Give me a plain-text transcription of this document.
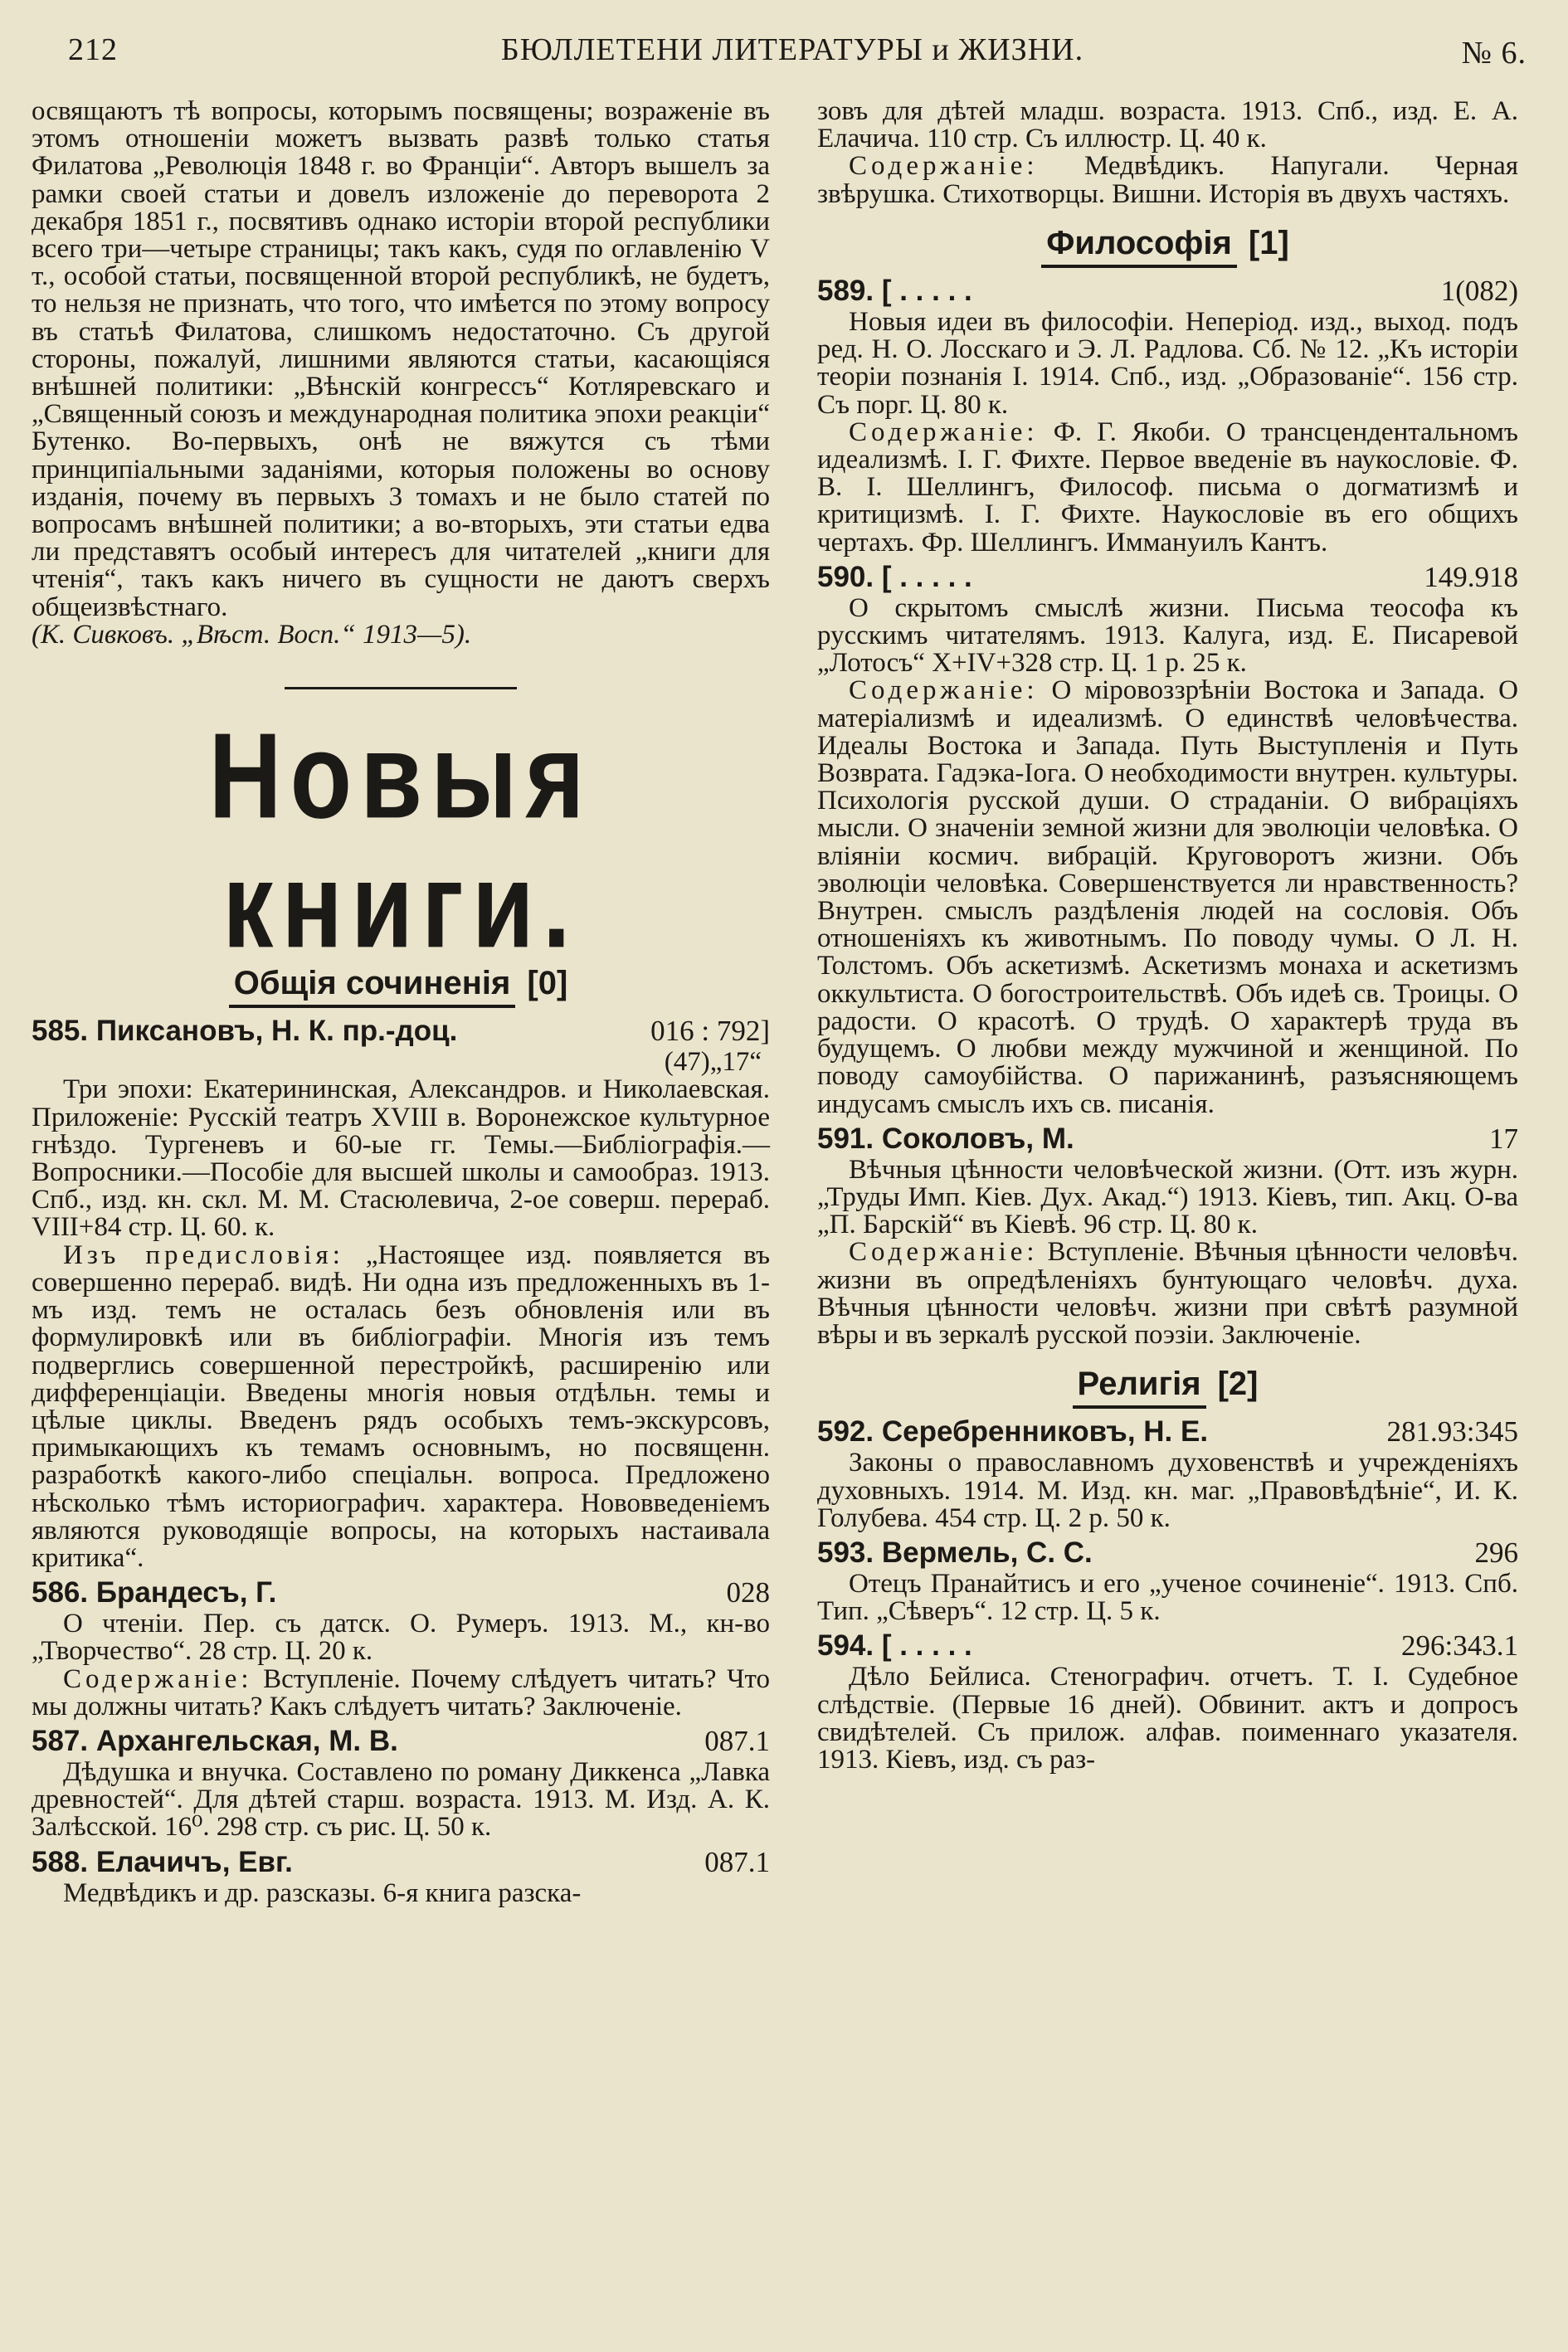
212	БЮЛЛЕТЕНИ ЛИТЕРАТУРЫ и ЖИЗНИ.	№ 6.

освящаютъ тѣ вопросы, которымъ посвящены; возраженіе въ этомъ отношеніи можетъ вызвать развѣ только статья Филатова „Революція 1848 г. во Франціи“. Авторъ вышелъ за рамки своей статьи и довелъ изложеніе до переворота 2 декабря 1851 г., посвятивъ однако исторіи второй республики всего три—четыре страницы; такъ какъ, судя по оглавленію V т., особой статьи, посвященной второй республикѣ, не будетъ, то нельзя не признать, что того, что имѣется по этому вопросу въ статьѣ Филатова, слишкомъ недостаточно. Съ другой стороны, пожалуй, лишними являются статьи, касающіяся внѣшней политики: „Вѣнскій конгрессъ“ Котляревскаго и „Священный союзъ и международная политика эпохи реакціи“ Бутенко. Во-первыхъ, онѣ не вяжутся съ тѣми принципіальными заданіями, которыя положены во основу изданія, почему въ первыхъ 3 томахъ и не было статей по вопросамъ внѣшней политики; а во-вторыхъ, эти статьи едва ли представятъ особый интересъ для читателей „книги для чтенія“, такъ какъ ничего въ сущности не даютъ сверхъ общеизвѣстнаго.

(К. Сивковъ. „Вѣст. Восп.“ 1913—5).

Новыя книги.
Общія сочиненія [0]
585. Пиксановъ, Н. К. пр.-доц.	016 : 792]
(47)„17“

Три эпохи: Екатерининская, Александров. и Николаевская. Приложеніе: Русскій театръ XVIII в. Воронежское культурное гнѣздо. Тургеневъ и 60-ые гг. Темы.—Библіографія.—Вопросники.—Пособіе для высшей школы и самообраз. 1913. Спб., изд. кн. скл. М. М. Стасюлевича, 2-ое соверш. перераб. VIII+84 стр. Ц. 60. к.

Изъ предисловія: „Настоящее изд. появляется въ совершенно перераб. видѣ. Ни одна изъ предложенныхъ въ 1-мъ изд. темъ не осталась безъ обновленія или въ формулировкѣ или въ библіографіи. Многія изъ темъ подверглись совершенной перестройкѣ, расширенію или дифференціаціи. Введены многія новыя отдѣльн. темы и цѣлые циклы. Введенъ рядъ особыхъ темъ-экскурсовъ, примыкающихъ къ темамъ основнымъ, но посвященн. разработкѣ какого-либо спеціальн. вопроса. Предложено нѣсколько тѣмъ историографич. характера. Нововведеніемъ являются руководящіе вопросы, на которыхъ настаивала критика“.

586. Брандесъ, Г.	028

О чтеніи. Пер. съ датск. О. Румеръ. 1913. М., кн-во „Творчество“. 28 стр. Ц. 20 к.

Содержаніе: Вступленіе. Почему слѣдуетъ читать? Что мы должны читать? Какъ слѣдуетъ читать? Заключеніе.

587. Архангельская, М. В.	087.1

Дѣдушка и внучка. Составлено по роману Диккенса „Лавка древностей“. Для дѣтей старш. возраста. 1913. М. Изд. А. К. Залѣсской. 16⁰. 298 стр. съ рис. Ц. 50 к.

588. Елачичъ, Евг.	087.1

Медвѣдикъ и др. разсказы. 6-я книга разска-

зовъ для дѣтей младш. возраста. 1913. Спб., изд. Е. А. Елачича. 110 стр. Съ иллюстр. Ц. 40 к.

Содержаніе: Медвѣдикъ. Напугали. Черная звѣрушка. Стихотворцы. Вишни. Исторія въ двухъ частяхъ.

Философія [1]
589. [ . . . . .	1(082)

Новыя идеи въ философіи. Неперіод. изд., выход. подъ ред. Н. О. Лосскаго и Э. Л. Радлова. Сб. № 12. „Къ исторіи теоріи познанія I. 1914. Спб., изд. „Образованіе“. 156 стр. Съ порг. Ц. 80 к.

Содержаніе: Ф. Г. Якоби. О трансцендентальномъ идеализмѣ. I. Г. Фихте. Первое введеніе въ наукословіе. Ф. В. I. Шеллингъ, Философ. письма о догматизмѣ и критицизмѣ. I. Г. Фихте. Наукословіе въ его общихъ чертахъ. Фр. Шеллингъ. Иммануилъ Кантъ.

590. [ . . . . .	149.918

О скрытомъ смыслѣ жизни. Письма теософа къ русскимъ читателямъ. 1913. Калуга, изд. Е. Писаревой „Лотосъ“ X+IV+328 стр. Ц. 1 р. 25 к.

Содержаніе: О міровоззрѣніи Востока и Запада. О матеріализмѣ и идеализмѣ. О единствѣ человѣчества. Идеалы Востока и Запада. Путь Выступленія и Путь Возврата. Гадэка-Iога. О необходимости внутрен. культуры. Психологія русской души. О страданіи. О вибраціяхъ мысли. О значеніи земной жизни для эволюціи человѣка. О вліяніи космич. вибрацій. Круговоротъ жизни. Объ эволюціи человѣка. Совершенствуется ли нравственность? Внутрен. смыслъ раздѣленія людей на сословія. Объ отношеніяхъ къ животнымъ. По поводу чумы. О Л. Н. Толстомъ. Объ аскетизмѣ. Аскетизмъ монаха и аскетизмъ оккультиста. О богостроительствѣ. Объ идеѣ св. Троицы. О радости. О красотѣ. О трудѣ. О характерѣ труда въ будущемъ. О любви между мужчиной и женщиной. По поводу самоубійства. О парижанинѣ, разъясняющемъ индусамъ смыслъ ихъ св. писанія.

591. Соколовъ, М.	17

Вѣчныя цѣнности человѣческой жизни. (Отт. изъ журн. „Труды Имп. Кіев. Дух. Акад.“) 1913. Кіевъ, тип. Акц. О-ва „П. Барскій“ въ Кіевѣ. 96 стр. Ц. 80 к.

Содержаніе: Вступленіе. Вѣчныя цѣнности человѣч. жизни въ опредѣленіяхъ бунтующаго человѣч. духа. Вѣчныя цѣнности человѣч. жизни при свѣтѣ разумной вѣры и въ зеркалѣ русской поэзіи. Заключеніе.

Религія [2]
592. Серебренниковъ, Н. Е.	281.93:345

Законы о православномъ духовенствѣ и учрежденіяхъ духовныхъ. 1914. М. Изд. кн. маг. „Правовѣдѣніе“, И. К. Голубева. 454 стр. Ц. 2 р. 50 к.

593. Вермель, С. С.	296

Отецъ Пранайтисъ и его „ученое сочиненіе“. 1913. Спб. Тип. „Сѣверъ“. 12 стр. Ц. 5 к.

594. [ . . . . .	296:343.1

Дѣло Бейлиса. Стенографич. отчетъ. Т. I. Судебное слѣдствіе. (Первые 16 дней). Обвинит. актъ и допросъ свидѣтелей. Съ прилож. алфав. поименнаго указателя. 1913. Кіевъ, изд. съ раз-
